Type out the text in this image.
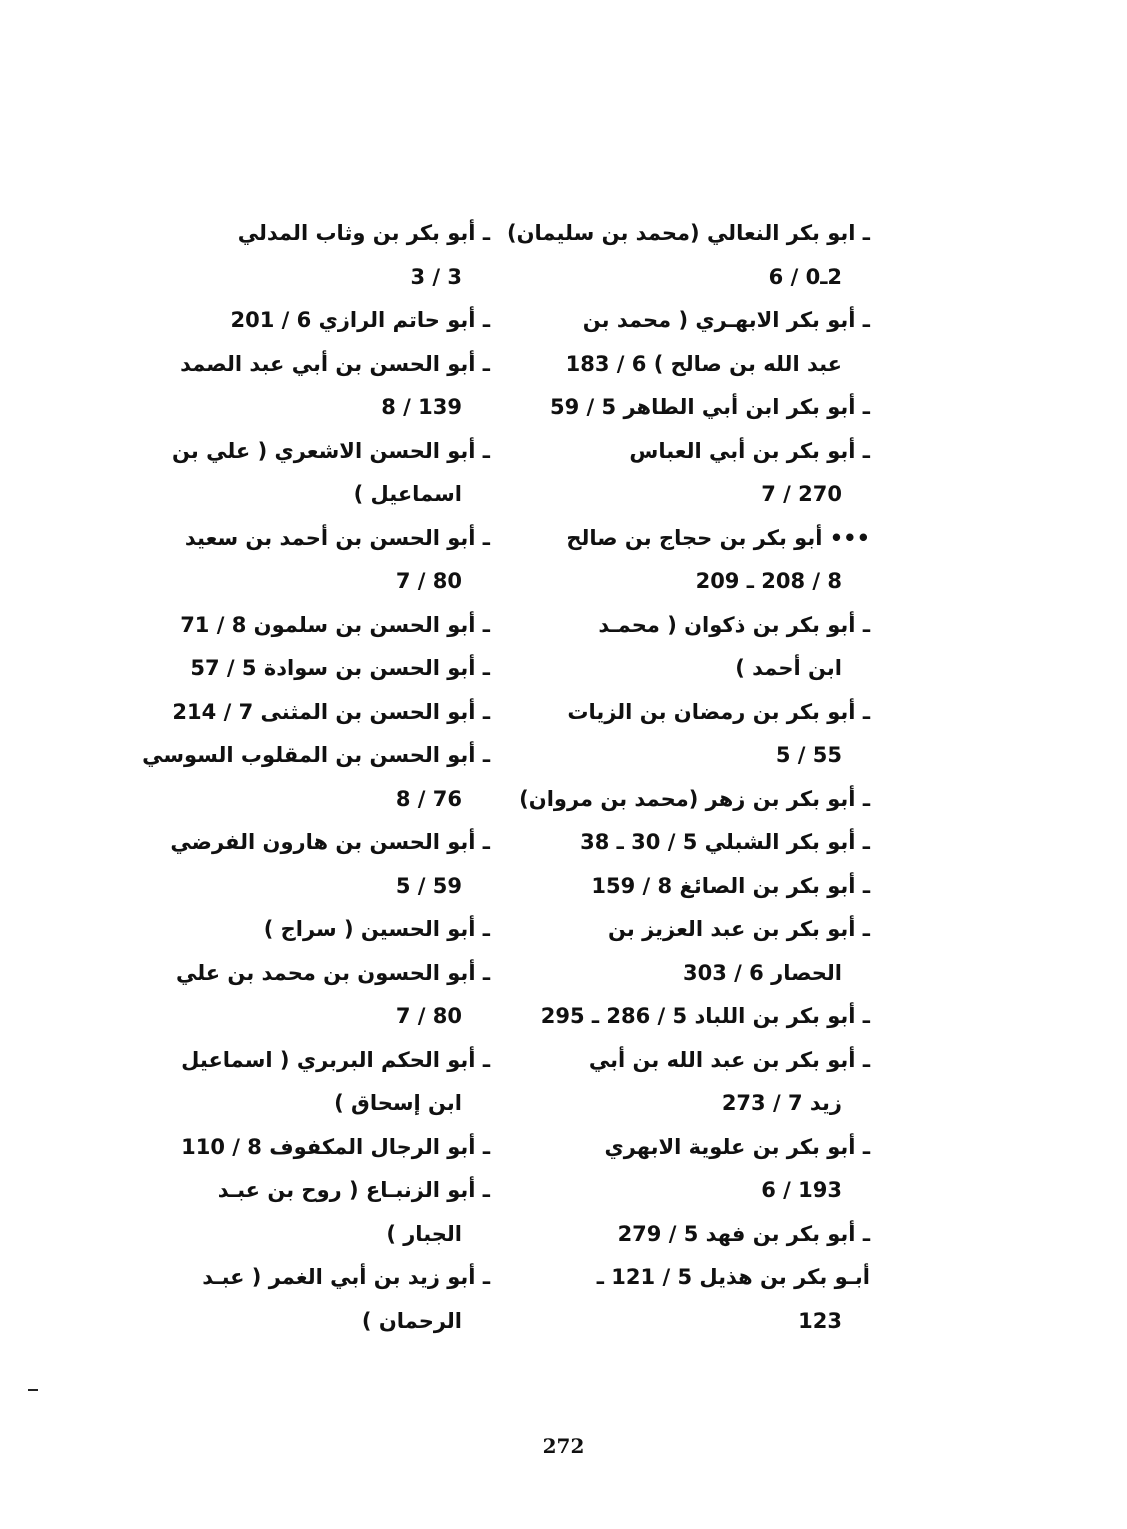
ـ ابو بكر النعالي (محمد بن سليمان)
2ـ0 / 6
ـ أبو بكر الابهـري ( محمد بن
عبد الله بن صالح ) 6 / 183
ـ أبو بكر ابن أبي الطاهر 5 / 59
ـ أبو بكر بن أبي العباس
270 / 7
••• أبو بكر بن حجاج بن صالح
8 / 208 ـ 209
ـ أبو بكر بن ذكوان ( محمـد
ابن أحمد )
ـ أبو بكر بن رمضان بن الزيات
55 / 5
ـ أبو بكر بن زهر (محمد بن مروان)
ـ أبو بكر الشبلي 5 / 30 ـ 38
ـ أبو بكر بن الصائغ 8 / 159
ـ أبو بكر بن عبد العزيز بن
الحصار 6 / 303
ـ أبو بكر بن اللباد 5 / 286 ـ 295
ـ أبو بكر بن عبد الله بن أبي
زيد 7 / 273
ـ أبو بكر بن علوية الابهري
193 / 6
ـ أبو بكر بن فهد 5 / 279
أبـو بكر بن هذيل 5 / 121 ـ
123
ـ أبو بكر بن وثاب المدلي
3 / 3
ـ أبو حاتم الرازي 6 / 201
ـ أبو الحسن بن أبي عبد الصمد
139 / 8
ـ أبو الحسن الاشعري ( علي بن
اسماعيل )
ـ أبو الحسن بن أحمد بن سعيد
80 / 7
ـ أبو الحسن بن سلمون 8 / 71
ـ أبو الحسن بن سوادة 5 / 57
ـ أبو الحسن بن المثنى 7 / 214
ـ أبو الحسن بن المقلوب السوسي
76 / 8
ـ أبو الحسن بن هارون الفرضي
59 / 5
ـ أبو الحسين ( سراج )
ـ أبو الحسون بن محمد بن علي
80 / 7
ـ أبو الحكم البربري ( اسماعيل
ابن إسحاق )
ـ أبو الرجال المكفوف 8 / 110
ـ أبو الزنبـاع ( روح بن عبـد
الجبار )
ـ أبو زيد بن أبي الغمر ( عبـد
الرحمان )
272
